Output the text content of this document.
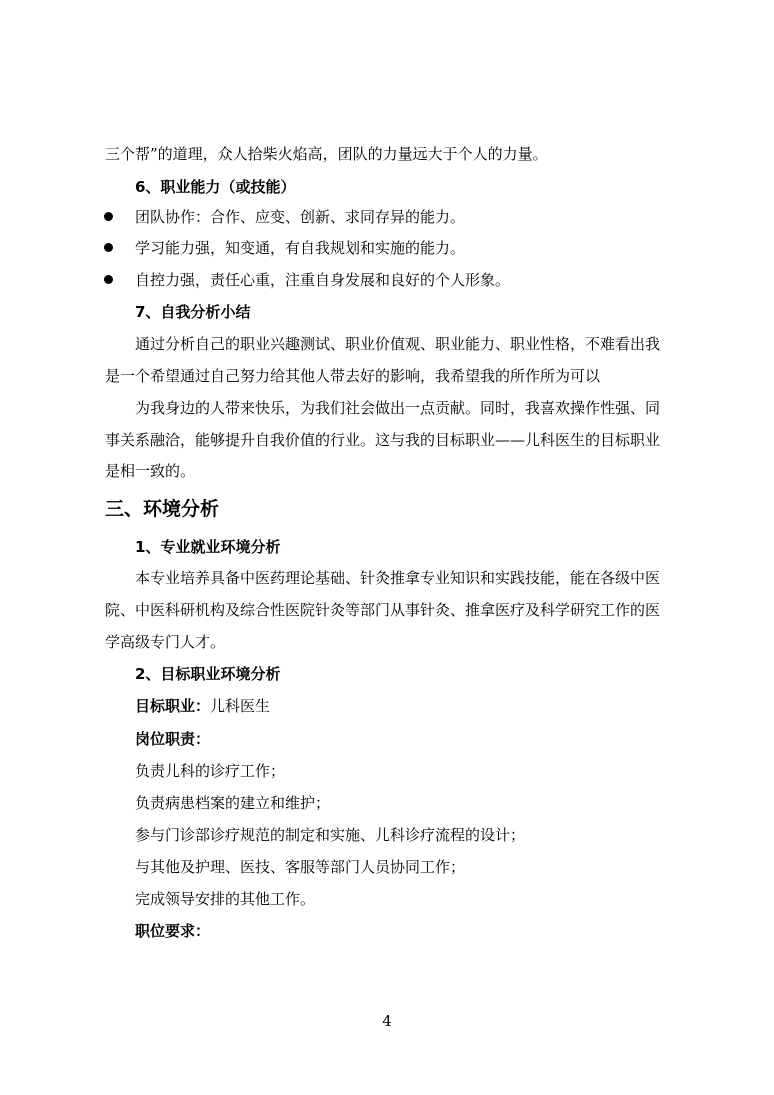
三个帮”的道理，众人拾柴火焰高，团队的力量远大于个人的力量。
6、职业能力（或技能）
团队协作：合作、应变、创新、求同存异的能力。
学习能力强，知变通，有自我规划和实施的能力。
自控力强，责任心重，注重自身发展和良好的个人形象。
7、自我分析小结
通过分析自己的职业兴趣测试、职业价值观、职业能力、职业性格，不难看出我
是一个希望通过自己努力给其他人带去好的影响，我希望我的所作所为可以
为我身边的人带来快乐，为我们社会做出一点贡献。同时，我喜欢操作性强、同
事关系融洽，能够提升自我价值的行业。这与我的目标职业——儿科医生的目标职业
是相一致的。
三、环境分析
1、专业就业环境分析
本专业培养具备中医药理论基础、针灸推拿专业知识和实践技能，能在各级中医
院、中医科研机构及综合性医院针灸等部门从事针灸、推拿医疗及科学研究工作的医
学高级专门人才。
2、目标职业环境分析
目标职业：儿科医生
岗位职责：
负责儿科的诊疗工作；
负责病患档案的建立和维护；
参与门诊部诊疗规范的制定和实施、儿科诊疗流程的设计；
与其他及护理、医技、客服等部门人员协同工作；
完成领导安排的其他工作。
职位要求：
4
